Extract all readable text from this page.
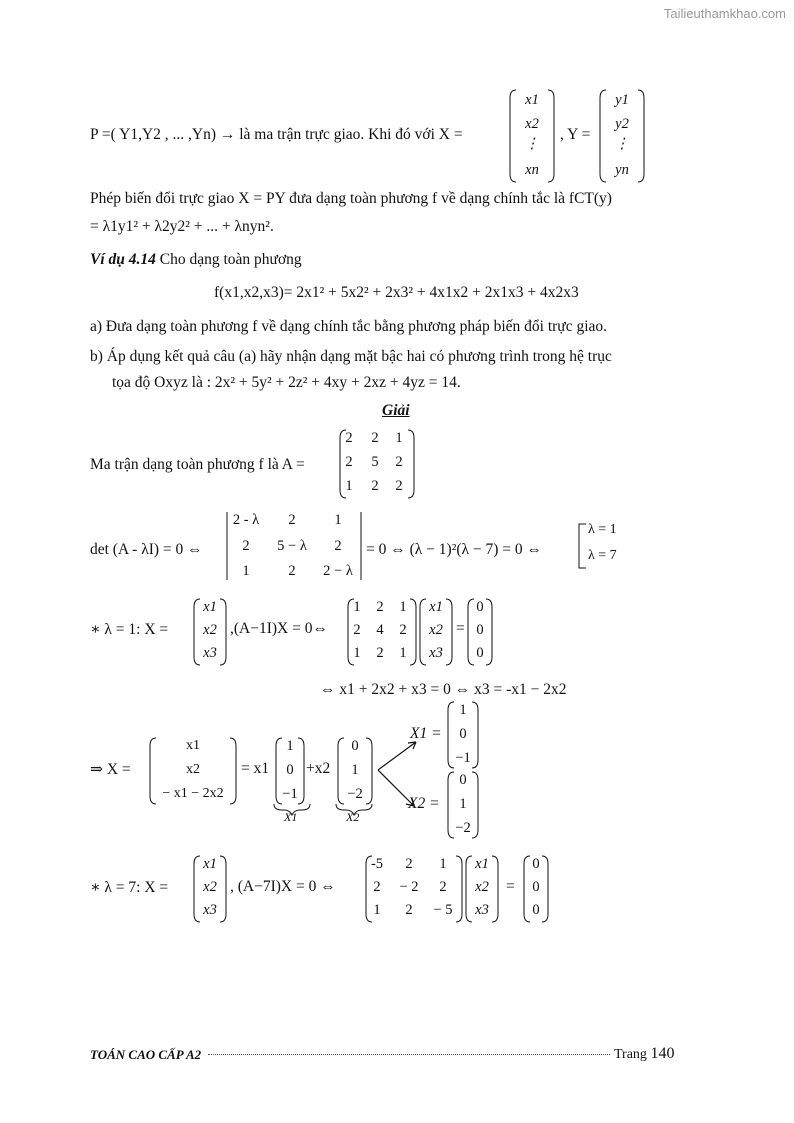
Tailieuthamkhao.com
P =( Y1,Y2 , ... ,Yn) → là ma trận trực giao. Khi đó với X =
x1
x2
⋮
xn
, Y =
y1
y2
⋮
yn
Phép biến đổi trực giao X = PY đưa dạng toàn phương f về dạng chính tắc là fCT(y)
= λ1y1² + λ2y2² + ... + λnyn².
Ví dụ 4.14 Cho dạng toàn phương
f(x1,x2,x3)= 2x1² + 5x2² + 2x3² + 4x1x2 + 2x1x3 + 4x2x3
a) Đưa dạng toàn phương f về dạng chính tắc bằng phương pháp biến đổi trực giao.
b) Áp dụng kết quả câu (a) hãy nhận dạng mặt bậc hai có phương trình trong hệ trục
tọa độ Oxyz là : 2x² + 5y² + 2z² + 4xy + 2xz + 4yz = 14.
Giải
Ma trận dạng toàn phương f là A =
2	2	1
2	5	2
1	2	2
det (A - λI) = 0 ⇔
2 - λ	2	1
2	5 − λ	2
1	2	2 − λ
= 0 ⇔ (λ − 1)²(λ − 7) = 0 ⇔
λ = 1
λ = 7
∗ λ = 1: X =
x1
x2
x3
,(A−1I)X = 0⇔
1	2	1
2	4	2
1	2	1
x1
x2
x3
=
0
0
0
⇔ x1 + 2x2 + x3 = 0 ⇔ x3 = -x1 − 2x2
⇒ X =
x1
x2
− x1 − 2x2
= x1
1
0
−1
+x2
0
1
−2
X1	X2
X1 =
1
0
−1
X2 =
0
1
−2
∗ λ = 7: X =
x1
x2
x3
, (A−7I)X = 0 ⇔
-5	2	1
2	− 2	2
1	2	− 5
x1
x2
x3
=
0
0
0
TOÁN CAO CẤP A2	Trang 140
